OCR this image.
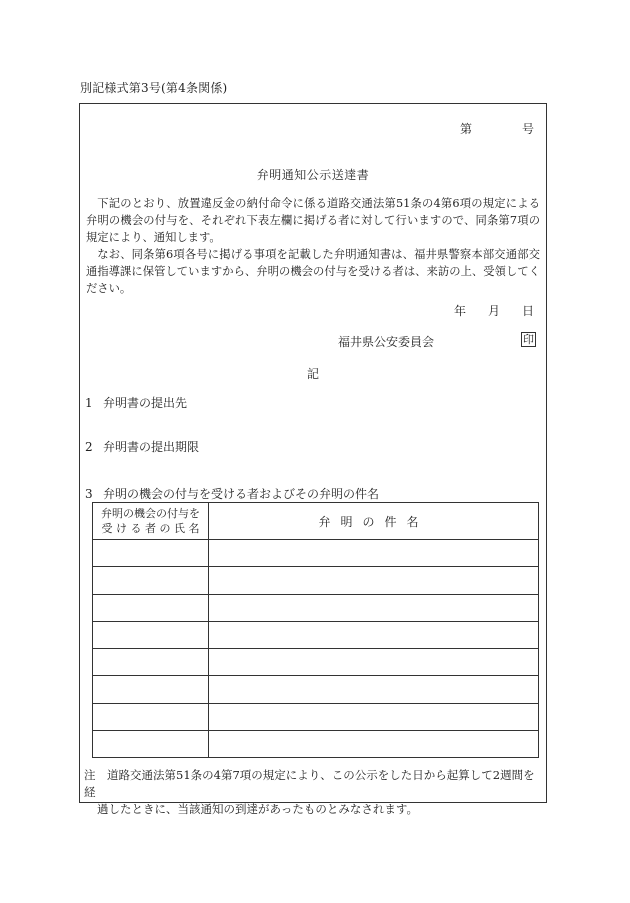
別記様式第3号(第4条関係)
第	号
弁明通知公示送達書

下記のとおり、放置違反金の納付命令に係る道路交通法第51条の4第6項の規定による弁明の機会の付与を、それぞれ下表左欄に掲げる者に対して行いますので、同条第7項の規定により、通知します。

なお、同条第6項各号に掲げる事項を記載した弁明通知書は、福井県警察本部交通部交通指導課に保管していますから、弁明の機会の付与を受ける者は、来訪の上、受領してください。

年 月 日
福井県公安委員会	印
記
1 弁明書の提出先
2 弁明書の提出期限
3 弁明の機会の付与を受ける者およびその弁明の件名
弁明の機会の付与を
受 け る 者 の 氏 名	弁明の件名

注　 道路交通法第51条の4第7項の規定により、この公示をした日から起算して2週間を経
過したときに、当該通知の到達があったものとみなされます。
